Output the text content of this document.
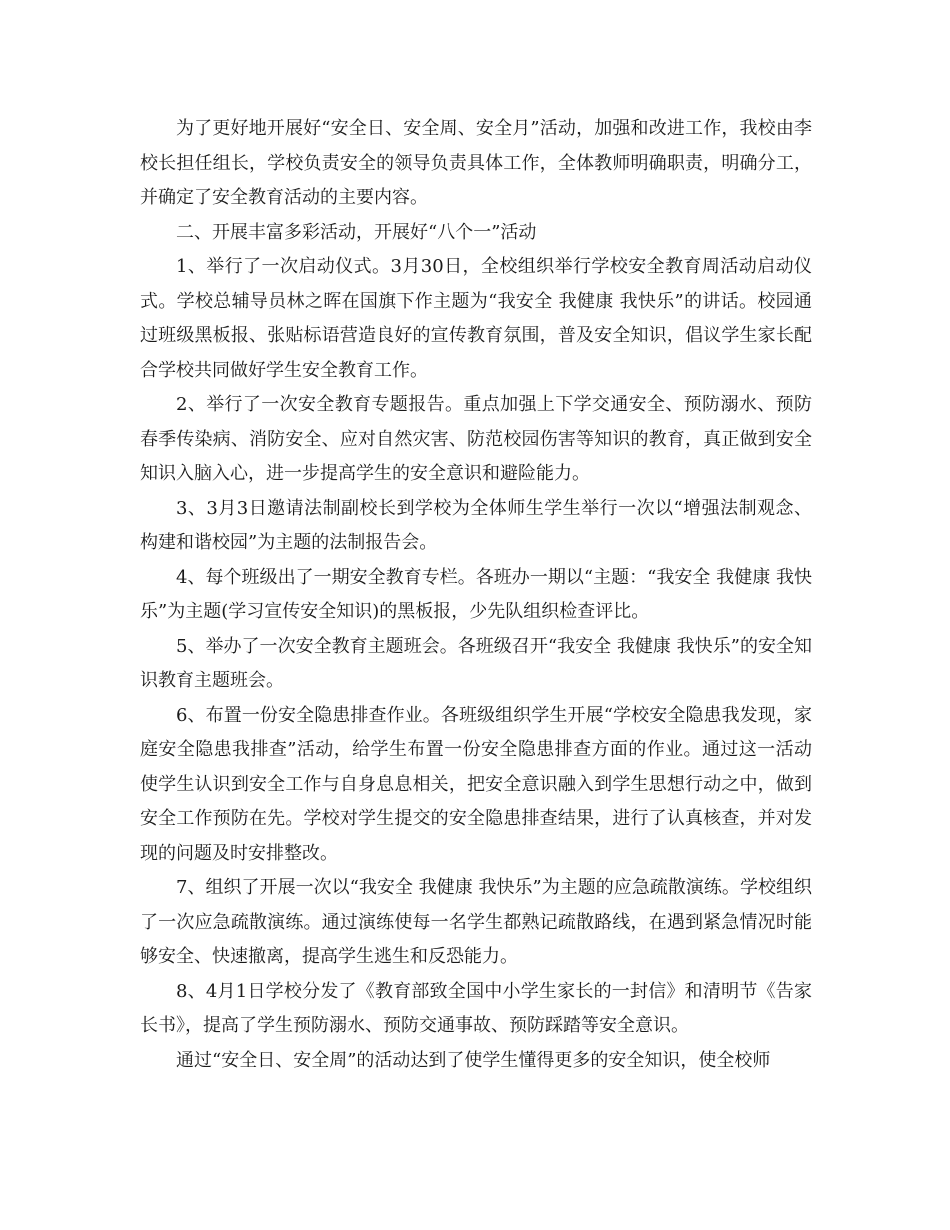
为了更好地开展好“安全日、安全周、安全月”活动，加强和改进工作，我校由李校长担任组长，学校负责安全的领导负责具体工作，全体教师明确职责，明确分工，并确定了安全教育活动的主要内容。

二、开展丰富多彩活动，开展好“八个一”活动

1、举行了一次启动仪式。3月30日，全校组织举行学校安全教育周活动启动仪式。学校总辅导员林之晖在国旗下作主题为“我安全 我健康 我快乐”的讲话。校园通过班级黑板报、张贴标语营造良好的宣传教育氛围，普及安全知识，倡议学生家长配合学校共同做好学生安全教育工作。

2、举行了一次安全教育专题报告。重点加强上下学交通安全、预防溺水、预防春季传染病、消防安全、应对自然灾害、防范校园伤害等知识的教育，真正做到安全知识入脑入心，进一步提高学生的安全意识和避险能力。

3、3月3日邀请法制副校长到学校为全体师生学生举行一次以“增强法制观念、构建和谐校园”为主题的法制报告会。

4、每个班级出了一期安全教育专栏。各班办一期以“主题：“我安全 我健康 我快乐”为主题(学习宣传安全知识)的黑板报，少先队组织检查评比。

5、举办了一次安全教育主题班会。各班级召开“我安全 我健康 我快乐”的安全知识教育主题班会。

6、布置一份安全隐患排查作业。各班级组织学生开展“学校安全隐患我发现，家庭安全隐患我排查”活动，给学生布置一份安全隐患排查方面的作业。通过这一活动使学生认识到安全工作与自身息息相关，把安全意识融入到学生思想行动之中，做到安全工作预防在先。学校对学生提交的安全隐患排查结果，进行了认真核查，并对发现的问题及时安排整改。

7、组织了开展一次以“我安全 我健康 我快乐”为主题的应急疏散演练。学校组织了一次应急疏散演练。通过演练使每一名学生都熟记疏散路线，在遇到紧急情况时能够安全、快速撤离，提高学生逃生和反恐能力。

8、4月1日学校分发了《教育部致全国中小学生家长的一封信》和清明节《告家长书》，提高了学生预防溺水、预防交通事故、预防踩踏等安全意识。

通过“安全日、安全周”的活动达到了使学生懂得更多的安全知识，使全校师
